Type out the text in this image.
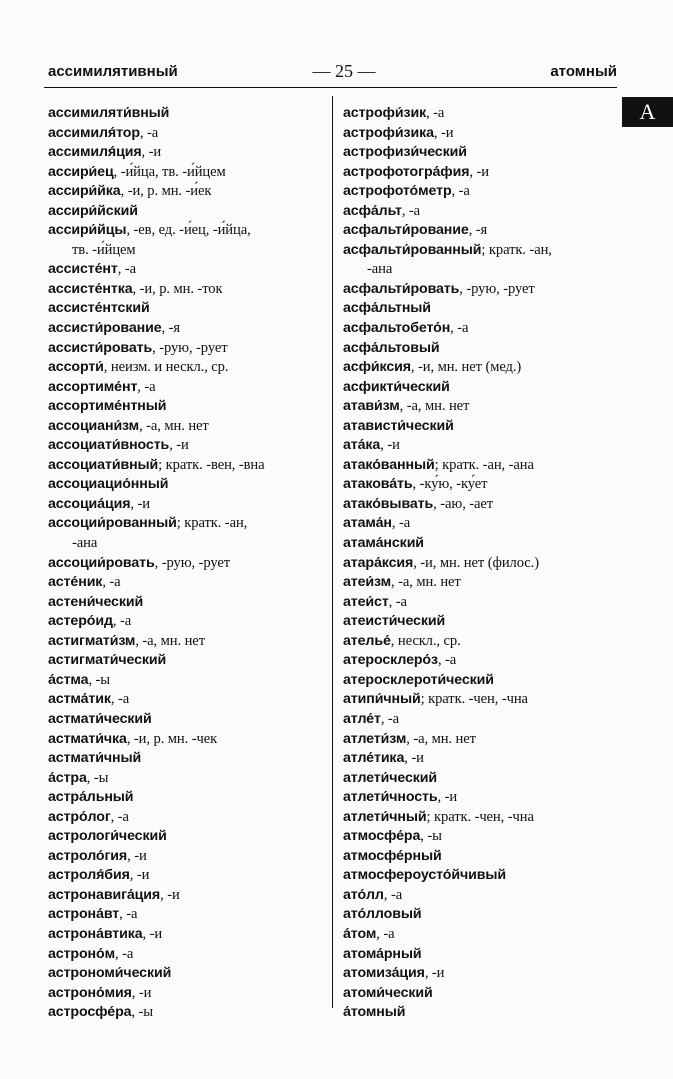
ассимилятивный	— 25 —	атомный
А
ассимиляти́вный
ассимиля́тор, -а
ассимиля́ция, -и
ассири́ец, -и́йца, тв. -и́йцем
ассири́йка, -и, р. мн. -и́ек
ассири́йский
ассири́йцы, -ев, ед. -и́ец, -и́йца,
тв. -и́йцем
ассисте́нт, -а
ассисте́нтка, -и, р. мн. -ток
ассисте́нтский
ассисти́рование, -я
ассисти́ровать, -рую, -рует
ассорти́, неизм. и нескл., ср.
ассортиме́нт, -а
ассортиме́нтный
ассоциани́зм, -а, мн. нет
ассоциати́вность, -и
ассоциати́вный; кратк. -вен, -вна
ассоциацио́нный
ассоциа́ция, -и
ассоции́рованный; кратк. -ан,
-ана
ассоции́ровать, -рую, -рует
асте́ник, -а
астени́ческий
астеро́ид, -а
астигмати́зм, -а, мн. нет
астигмати́ческий
а́стма, -ы
астма́тик, -а
астмати́ческий
астмати́чка, -и, р. мн. -чек
астмати́чный
а́стра, -ы
астра́льный
астро́лог, -а
астрологи́ческий
астроло́гия, -и
астроля́бия, -и
астронавига́ция, -и
астрона́вт, -а
астрона́втика, -и
астроно́м, -а
астрономи́ческий
астроно́мия, -и
астросфе́ра, -ы
астрофи́зик, -а
астрофи́зика, -и
астрофизи́ческий
астрофотогра́фия, -и
астрофото́метр, -а
асфа́льт, -а
асфальти́рование, -я
асфальти́рованный; кратк. -ан,
-ана
асфальти́ровать, -рую, -рует
асфа́льтный
асфальтобето́н, -а
асфа́льтовый
асфи́ксия, -и, мн. нет (мед.)
асфикти́ческий
атави́зм, -а, мн. нет
атависти́ческий
ата́ка, -и
атако́ванный; кратк. -ан, -ана
атакова́ть, -ку́ю, -ку́ет
атако́вывать, -аю, -ает
атама́н, -а
атама́нский
атара́ксия, -и, мн. нет (филос.)
атеи́зм, -а, мн. нет
атеи́ст, -а
атеисти́ческий
ателье́, нескл., ср.
атеросклеро́з, -а
атеросклероти́ческий
атипи́чный; кратк. -чен, -чна
атле́т, -а
атлети́зм, -а, мн. нет
атле́тика, -и
атлети́ческий
атлети́чность, -и
атлети́чный; кратк. -чен, -чна
атмосфе́ра, -ы
атмосфе́рный
атмосфероусто́йчивый
ато́лл, -а
ато́лловый
а́том, -а
атома́рный
атомиза́ция, -и
атоми́ческий
а́томный
